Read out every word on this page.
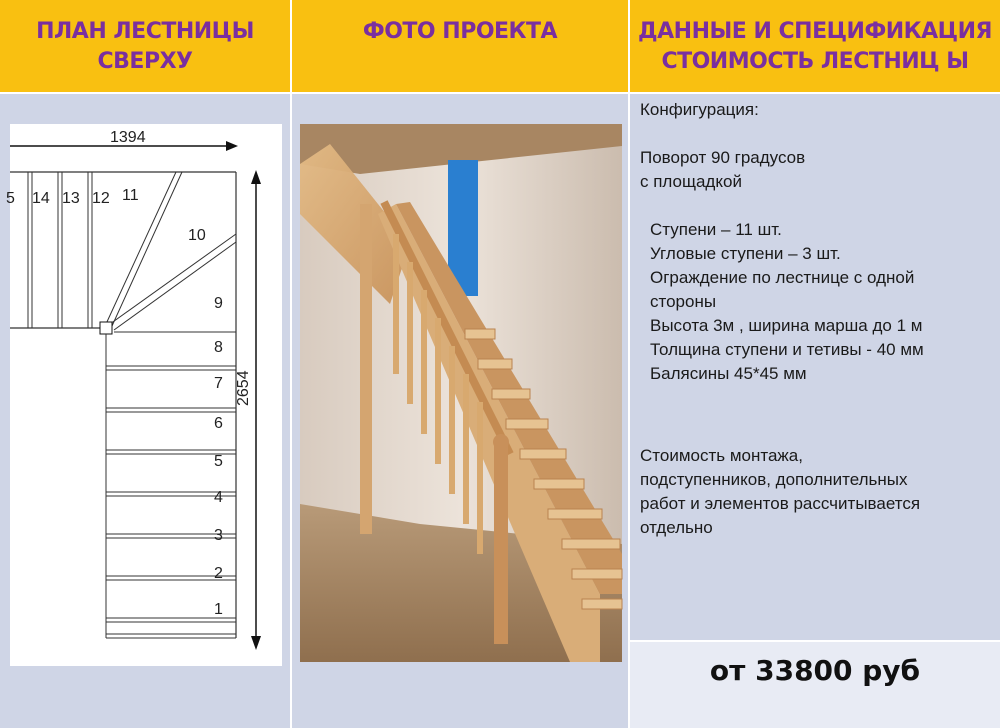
ПЛАН ЛЕСТНИЦЫ
СВЕРХУ
ФОТО ПРОЕКТА	ДАННЫЕ И СПЕЦИФИКАЦИЯ
СТОИМОСТЬ ЛЕСТНИЦ Ы
1394
2654
5 14 13 12 11
10
9
8
7
6
5
4
3
2
1

Конфигурация:

Поворот 90 градусов

с площадкой

Ступени – 11 шт.

Угловые ступени – 3 шт.

Ограждение по лестнице с одной

стороны

Высота 3м , ширина марша до 1 м

Толщина ступени и тетивы - 40 мм

Балясины 45*45 мм

Стоимость монтажа,

подступенников, дополнительных

работ и элементов рассчитывается

отдельно

от 33800 руб
